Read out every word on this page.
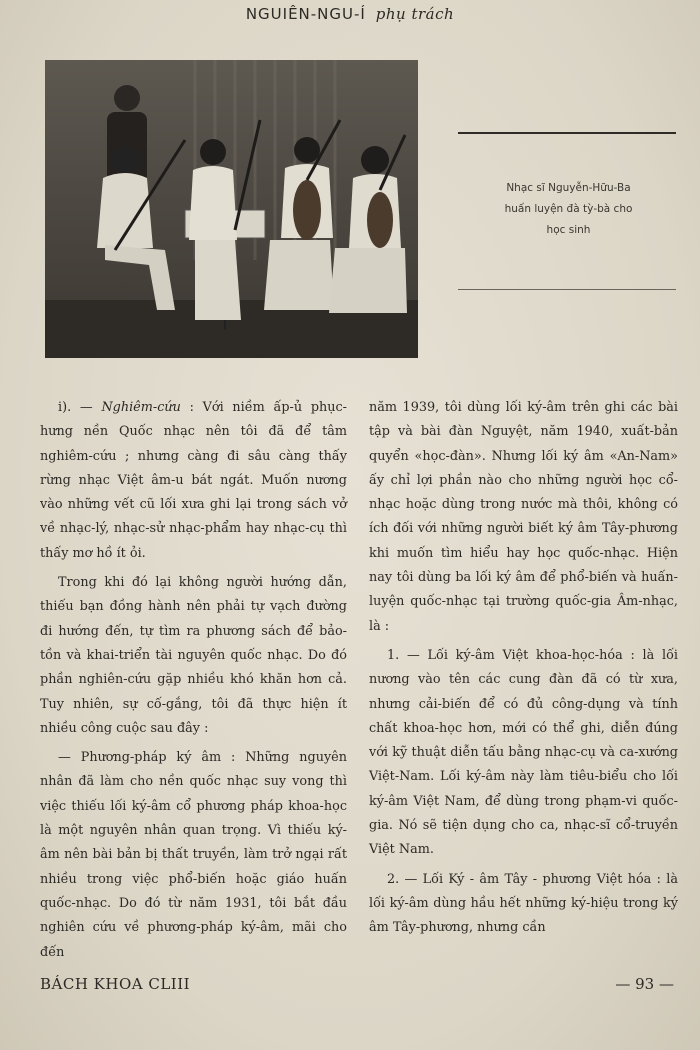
NGUIÊN-NGU-Í phụ trách
Nhạc sĩ Nguyễn-Hữu-Ba
huấn luyện đà tỳ-bà cho
học sinh

i). — Nghiêm-cứu : Với niềm ấp-ủ phục-hưng nền Quốc nhạc nên tôi đã để tâm nghiêm-cứu ; nhưng càng đi sâu càng thấy rừng nhạc Việt âm-u bát ngát. Muốn nương vào những vết cũ lối xưa ghi lại trong sách vở về nhạc-lý, nhạc-sử nhạc-phẩm hay nhạc-cụ thì thấy mơ hồ ít ỏi.

Trong khi đó lại không người hướng dẫn, thiếu bạn đồng hành nên phải tự vạch đường đi hướng đến, tự tìm ra phương sách để bảo-tồn và khai-triển tài nguyên quốc nhạc. Do đó phần nghiên-cứu gặp nhiều khó khăn hơn cả. Tuy nhiên, sự cố-gắng, tôi đã thực hiện ít nhiều công cuộc sau đây :

— Phương-pháp ký âm : Những nguyên nhân đã làm cho nền quốc nhạc suy vong thì việc thiếu lối ký-âm cổ phương pháp khoa-học là một nguyên nhân quan trọng. Vì thiếu ký-âm nên bài bản bị thất truyền, làm trở ngại rất nhiều trong việc phổ-biến hoặc giáo huấn quốc-nhạc. Do đó từ năm 1931, tôi bắt đầu nghiên cứu về phương-pháp ký-âm, mãi cho đến

năm 1939, tôi dùng lối ký-âm trên ghi các bài tập và bài đàn Nguyệt, năm 1940, xuất-bản quyển «học-đàn». Nhưng lối ký âm «An-Nam» ấy chỉ lợi phần nào cho những người học cổ-nhạc hoặc dùng trong nước mà thôi, không có ích đối với những người biết ký âm Tây-phương khi muốn tìm hiểu hay học quốc-nhạc. Hiện nay tôi dùng ba lối ký âm để phổ-biến và huấn-luyện quốc-nhạc tại trường quốc-gia Âm-nhạc, là :

1. — Lối ký-âm Việt khoa-học-hóa : là lối nương vào tên các cung đàn đã có từ xưa, nhưng cải-biến để có đủ công-dụng và tính chất khoa-học hơn, mới có thể ghi, diễn đúng với kỹ thuật diễn tấu bằng nhạc-cụ và ca-xướng Việt-Nam. Lối ký-âm này làm tiêu-biểu cho lối ký-âm Việt Nam, để dùng trong phạm-vi quốc-gia. Nó sẽ tiện dụng cho ca, nhạc-sĩ cổ-truyền Việt Nam.

2. — Lối Ký - âm Tây - phương Việt hóa : là lối ký-âm dùng hầu hết những ký-hiệu trong ký âm Tây-phương, nhưng cần

BÁCH KHOA CLIII	— 93 —
